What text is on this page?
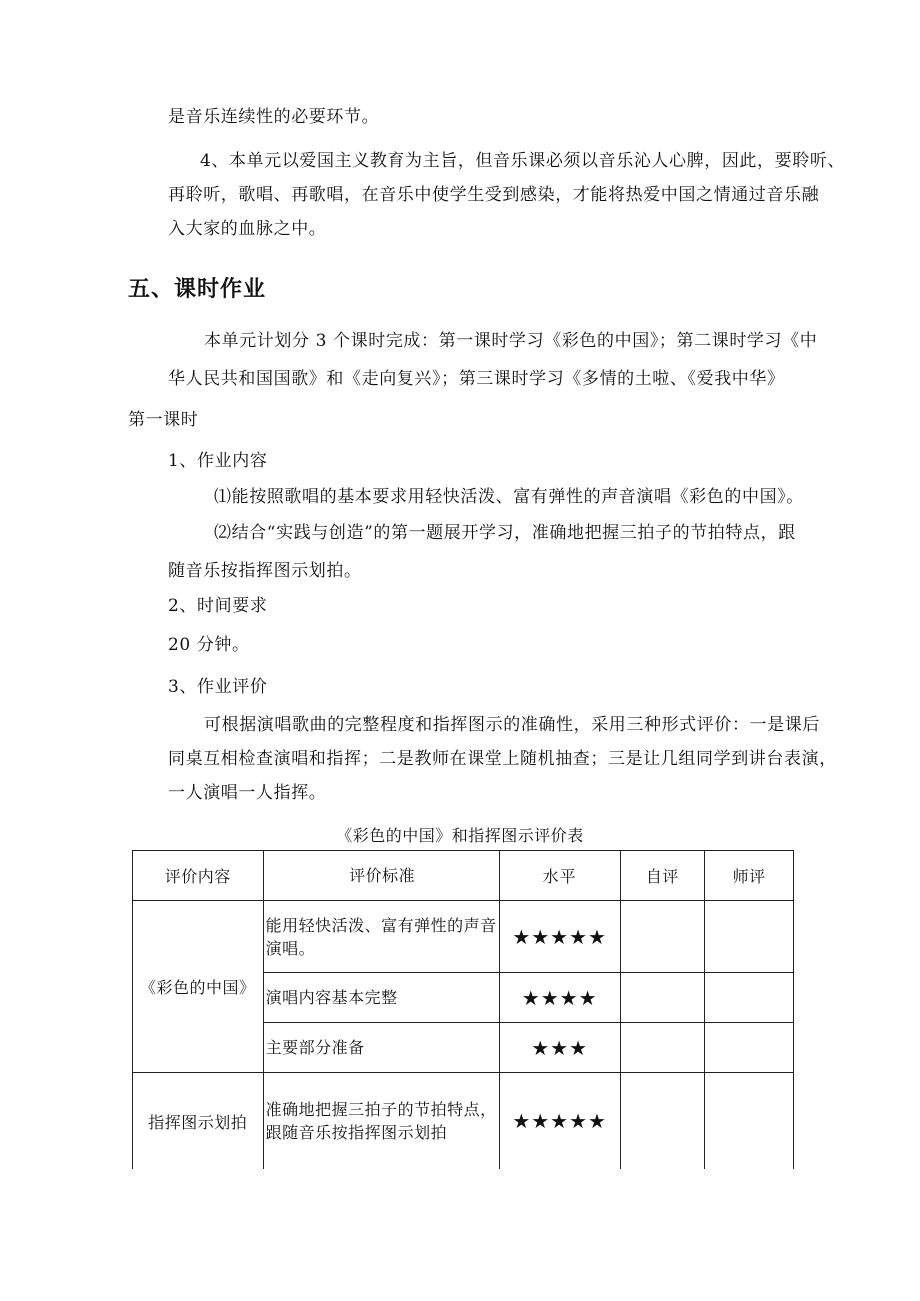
是音乐连续性的必要环节。
4、本单元以爱国主义教育为主旨，但音乐课必须以音乐沁人心脾，因此，要聆听、
再聆听，歌唱、再歌唱，在音乐中使学生受到感染，才能将热爱中国之情通过音乐融
入大家的血脉之中。
五、课时作业
本单元计划分 3 个课时完成：第一课时学习《彩色的中国》；第二课时学习《中
华人民共和国国歌》和《走向复兴》；第三课时学习《多情的土啦、《爱我中华》
第一课时
1、作业内容
⑴能按照歌唱的基本要求用轻快活泼、富有弹性的声音演唱《彩色的中国》。
⑵结合“实践与创造”的第一题展开学习，准确地把握三拍子的节拍特点，跟
随音乐按指挥图示划拍。
2、时间要求
20 分钟。
3、作业评价
可根据演唱歌曲的完整程度和指挥图示的准确性，采用三种形式评价：一是课后
同桌互相检查演唱和指挥；二是教师在课堂上随机抽查；三是让几组同学到讲台表演，
一人演唱一人指挥。
《彩色的中国》和指挥图示评价表
评价内容	评价标准	水平	自评	师评
《彩色的中国》	能用轻快活泼、富有弹性的声音演唱。	★★★★★		
	演唱内容基本完整	★★★★		
	主要部分准备	★★★		
指挥图示划拍	准确地把握三拍子的节拍特点，跟随音乐按指挥图示划拍	★★★★★		
